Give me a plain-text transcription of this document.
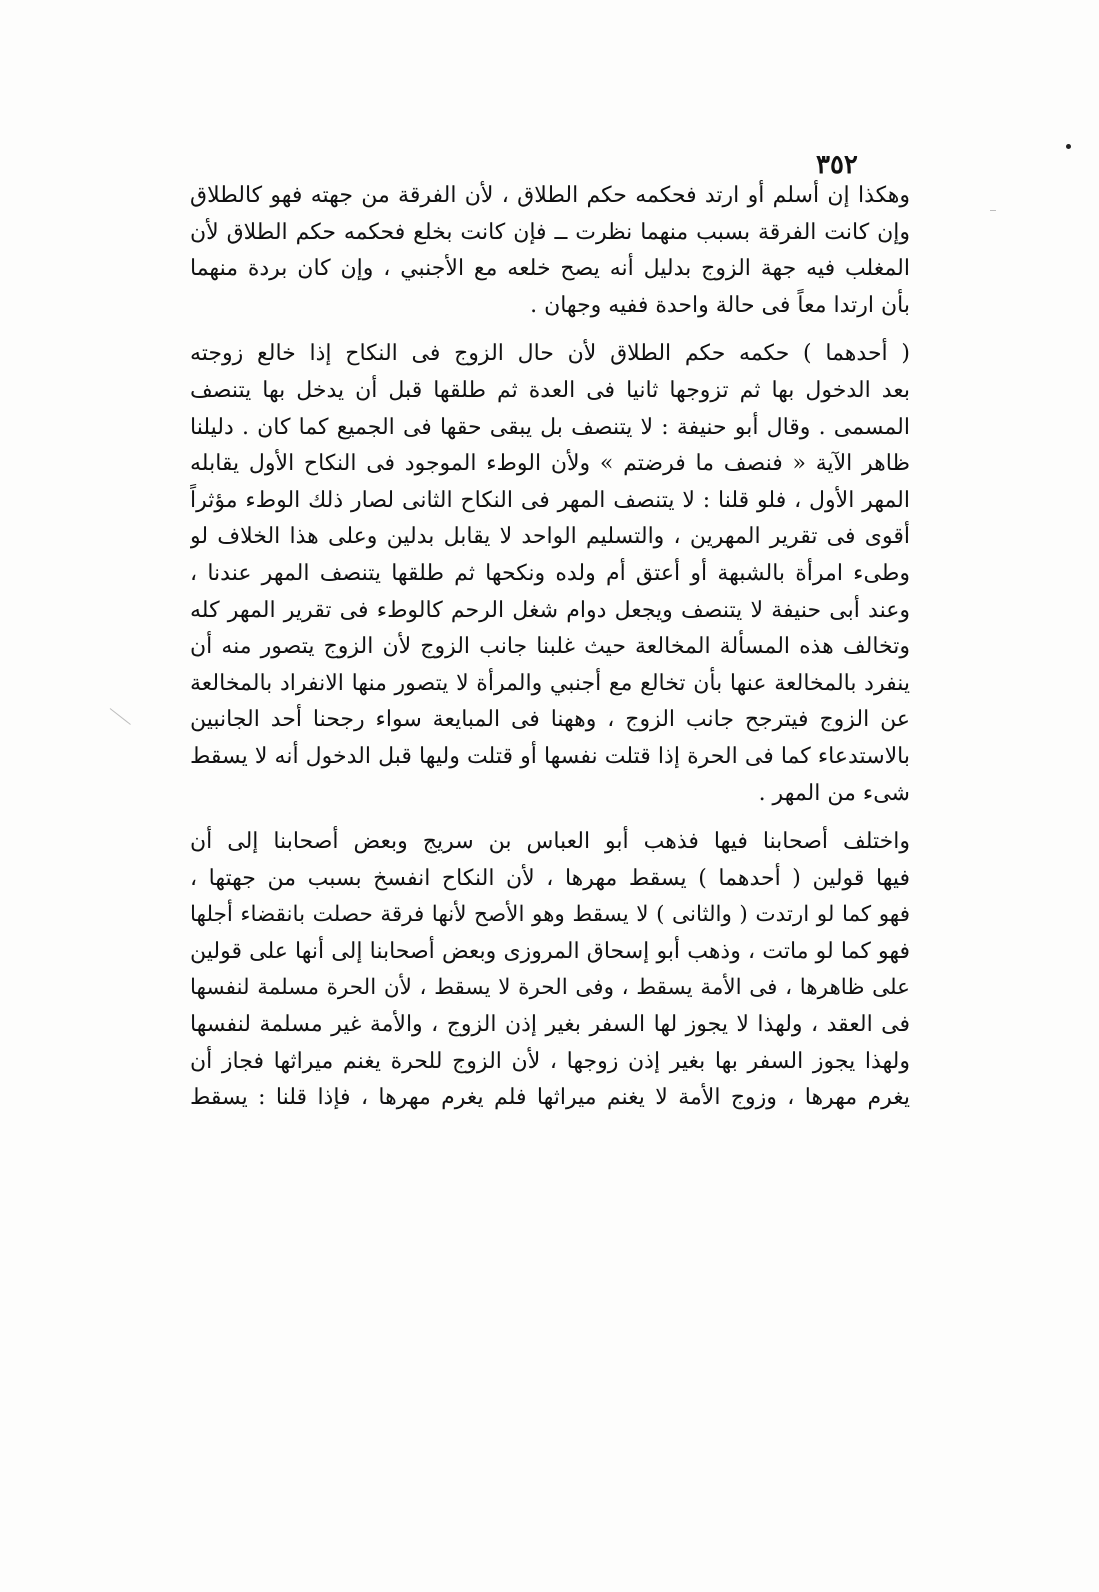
٣٥٢
وهكذا إن أسلم أو ارتد فحكمه حكم الطلاق ، لأن الفرقة من جهته فهو كالطلاق
وإن كانت الفرقة بسبب منهما نظرت ــ فإن كانت بخلع فحكمه حكم الطلاق لأن
المغلب فيه جهة الزوج بدليل أنه يصح خلعه مع الأجنبي ، وإن كان بردة منهما
بأن ارتدا معاً فى حالة واحدة ففيه وجهان .
( أحدهما ) حكمه حكم الطلاق لأن حال الزوج فى النكاح إذا خالع زوجته
بعد الدخول بها ثم تزوجها ثانيا فى العدة ثم طلقها قبل أن يدخل بها يتنصف
المسمى . وقال أبو حنيفة : لا يتنصف بل يبقى حقها فى الجميع كما كان . دليلنا
ظاهر الآية « فنصف ما فرضتم » ولأن الوطء الموجود فى النكاح الأول يقابله
المهر الأول ، فلو قلنا : لا يتنصف المهر فى النكاح الثانى لصار ذلك الوطء مؤثراً
أقوى فى تقرير المهرين ، والتسليم الواحد لا يقابل بدلين وعلى هذا الخلاف لو
وطىء امرأة بالشبهة أو أعتق أم ولده ونكحها ثم طلقها يتنصف المهر عندنا ،
وعند أبى حنيفة لا يتنصف ويجعل دوام شغل الرحم كالوطء فى تقرير المهر كله
وتخالف هذه المسألة المخالعة حيث غلبنا جانب الزوج لأن الزوج يتصور منه أن
ينفرد بالمخالعة عنها بأن تخالع مع أجنبي والمرأة لا يتصور منها الانفراد بالمخالعة
عن الزوج فيترجح جانب الزوج ، وههنا فى المبايعة سواء رجحنا أحد الجانبين
بالاستدعاء كما فى الحرة إذا قتلت نفسها أو قتلت وليها قبل الدخول أنه لا يسقط
شىء من المهر .
واختلف أصحابنا فيها فذهب أبو العباس بن سريج وبعض أصحابنا إلى أن
فيها قولين ( أحدهما ) يسقط مهرها ، لأن النكاح انفسخ بسبب من جهتها ،
فهو كما لو ارتدت ( والثانى ) لا يسقط وهو الأصح لأنها فرقة حصلت بانقضاء أجلها
فهو كما لو ماتت ، وذهب أبو إسحاق المروزى وبعض أصحابنا إلى أنها على قولين
على ظاهرها ، فى الأمة يسقط ، وفى الحرة لا يسقط ، لأن الحرة مسلمة لنفسها
فى العقد ، ولهذا لا يجوز لها السفر بغير إذن الزوج ، والأمة غير مسلمة لنفسها
ولهذا يجوز السفر بها بغير إذن زوجها ، لأن الزوج للحرة يغنم ميراثها فجاز أن
يغرم مهرها ، وزوج الأمة لا يغنم ميراثها فلم يغرم مهرها ، فإذا قلنا : يسقط
